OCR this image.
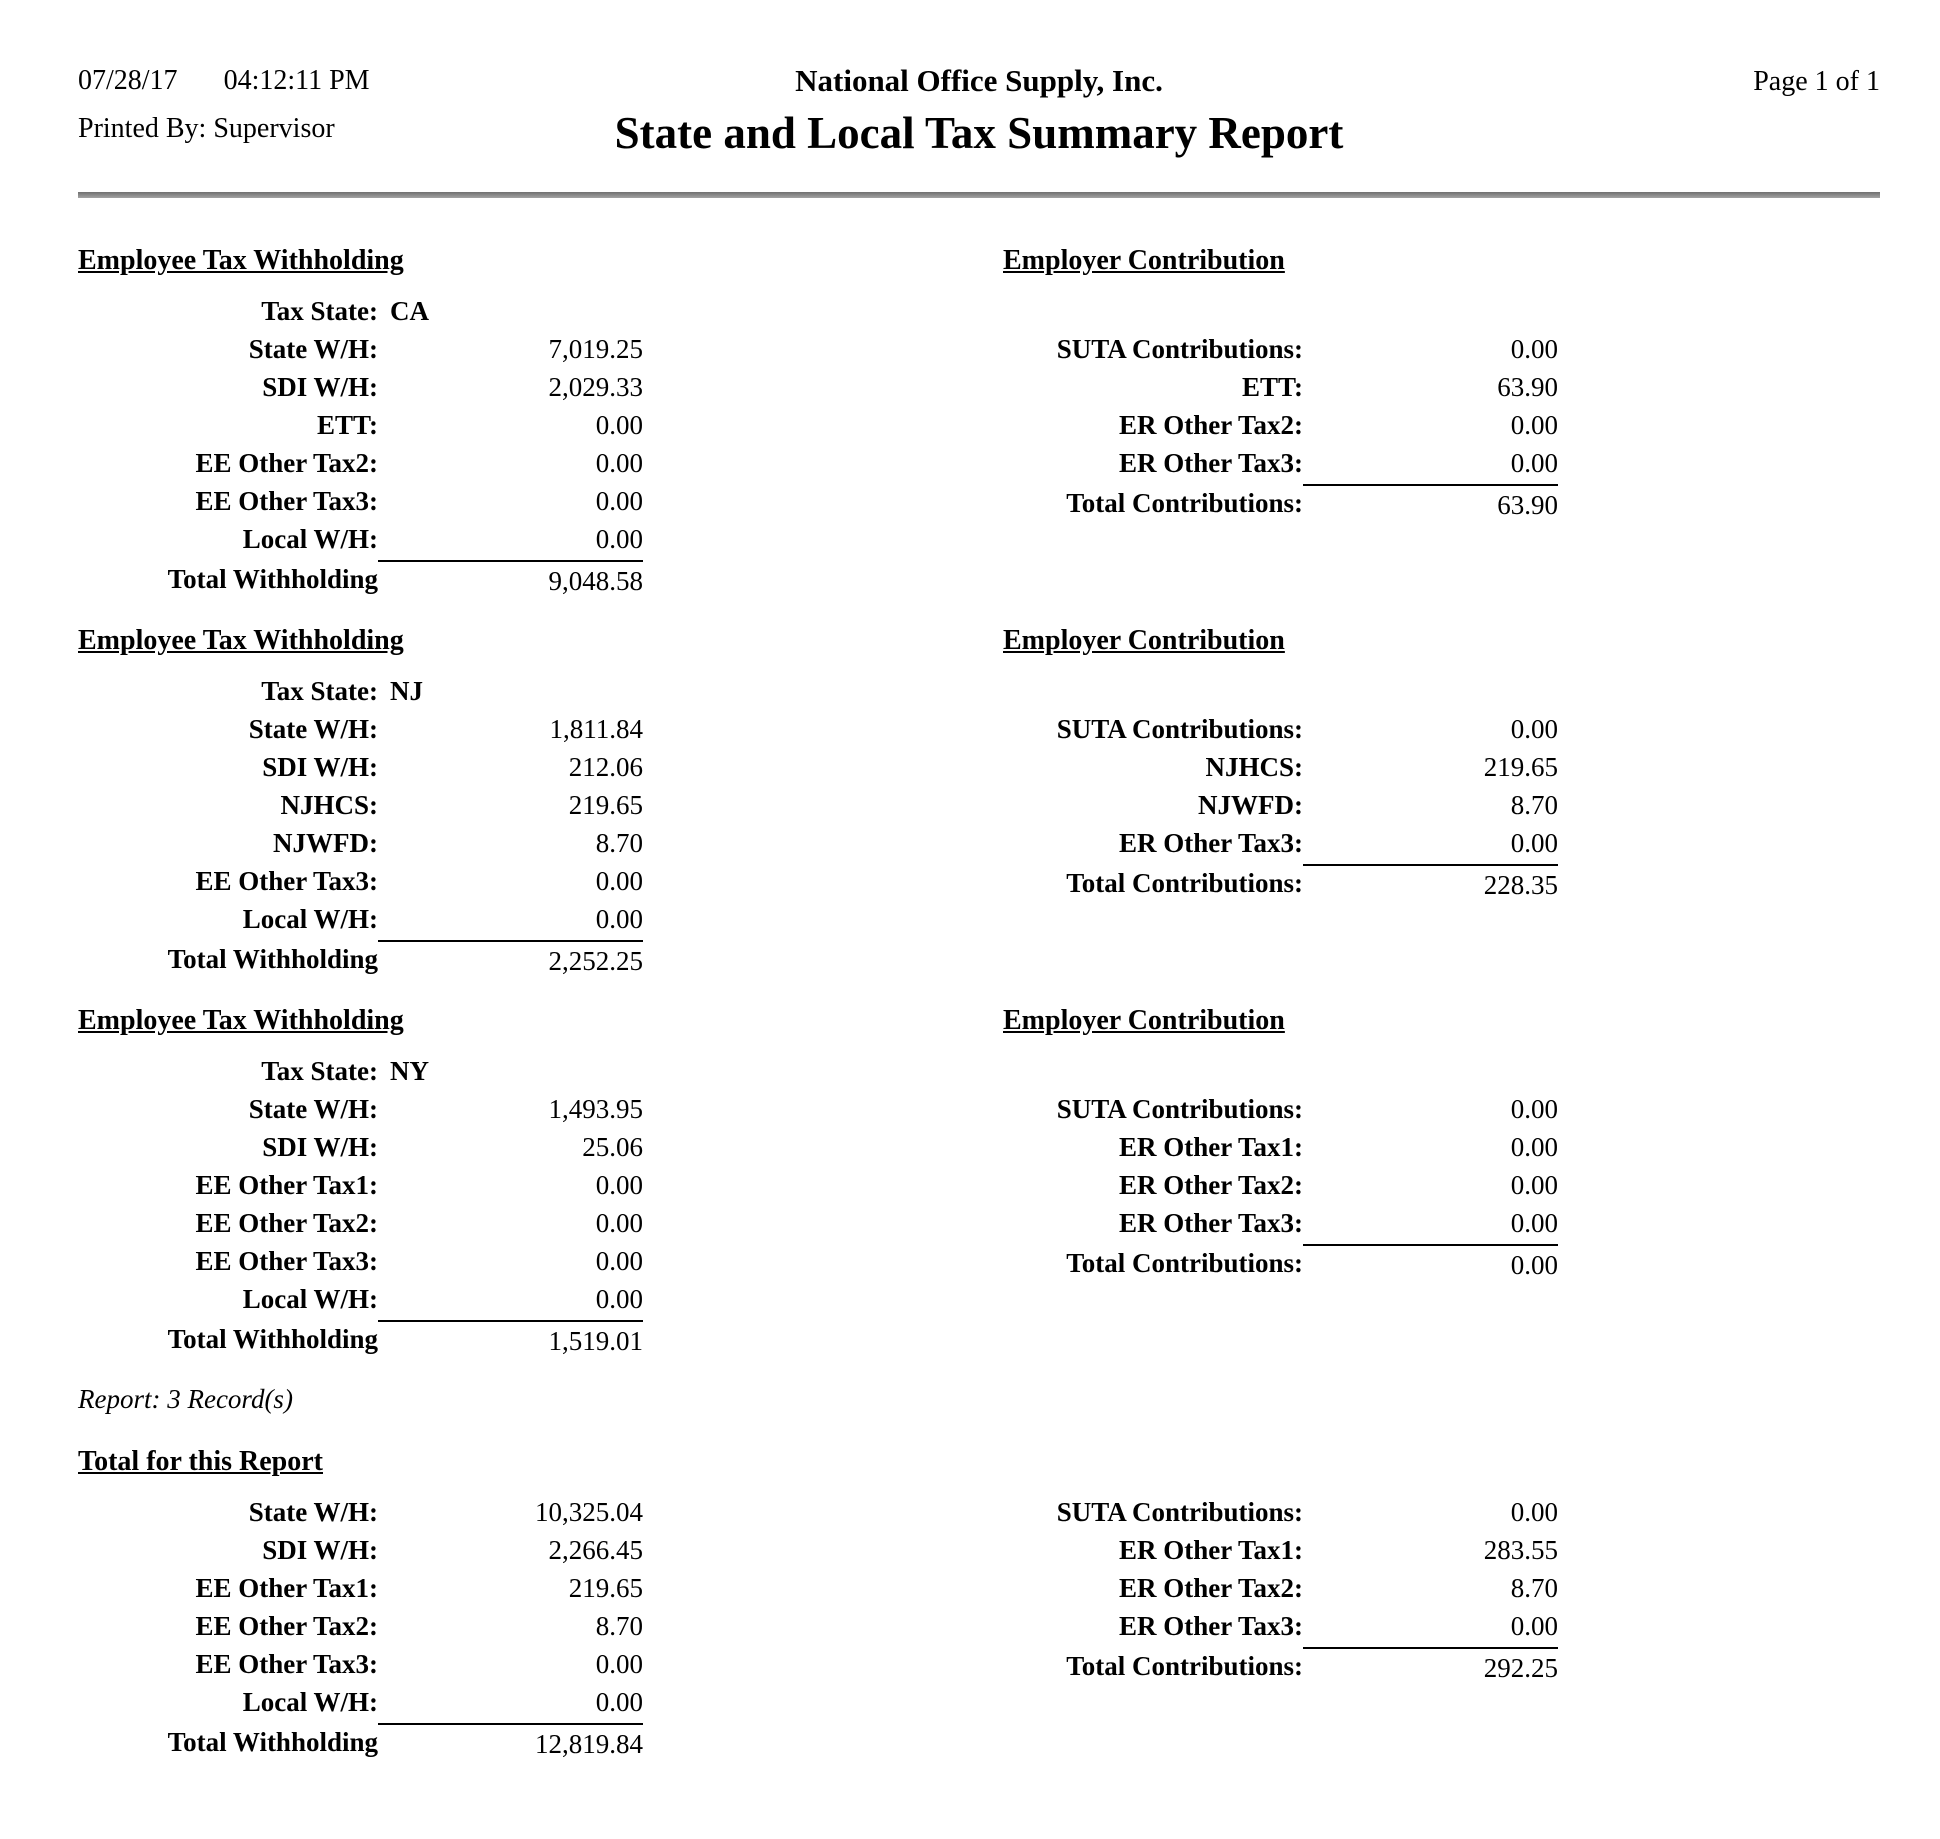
07/28/17 04:12:11 PM
Printed By: Supervisor
National Office Supply, Inc.
State and Local Tax Summary Report
Page 1 of 1
Employee Tax Withholding
Tax State: CA
State W/H:	7,019.25
SDI W/H:	2,029.33
ETT:	0.00
EE Other Tax2:	0.00
EE Other Tax3:	0.00
Local W/H:	0.00
Total Withholding	9,048.58
Employer Contribution
SUTA Contributions:	0.00
ETT:	63.90
ER Other Tax2:	0.00
ER Other Tax3:	0.00
Total Contributions:	63.90
Employee Tax Withholding
Tax State: NJ
State W/H:	1,811.84
SDI W/H:	212.06
NJHCS:	219.65
NJWFD:	8.70
EE Other Tax3:	0.00
Local W/H:	0.00
Total Withholding	2,252.25
Employer Contribution
SUTA Contributions:	0.00
NJHCS:	219.65
NJWFD:	8.70
ER Other Tax3:	0.00
Total Contributions:	228.35
Employee Tax Withholding
Tax State: NY
State W/H:	1,493.95
SDI W/H:	25.06
EE Other Tax1:	0.00
EE Other Tax2:	0.00
EE Other Tax3:	0.00
Local W/H:	0.00
Total Withholding	1,519.01
Employer Contribution
SUTA Contributions:	0.00
ER Other Tax1:	0.00
ER Other Tax2:	0.00
ER Other Tax3:	0.00
Total Contributions:	0.00
Report: 3 Record(s)
Total for this Report
State W/H:	10,325.04
SDI W/H:	2,266.45
EE Other Tax1:	219.65
EE Other Tax2:	8.70
EE Other Tax3:	0.00
Local W/H:	0.00
Total Withholding	12,819.84
SUTA Contributions:	0.00
ER Other Tax1:	283.55
ER Other Tax2:	8.70
ER Other Tax3:	0.00
Total Contributions:	292.25
